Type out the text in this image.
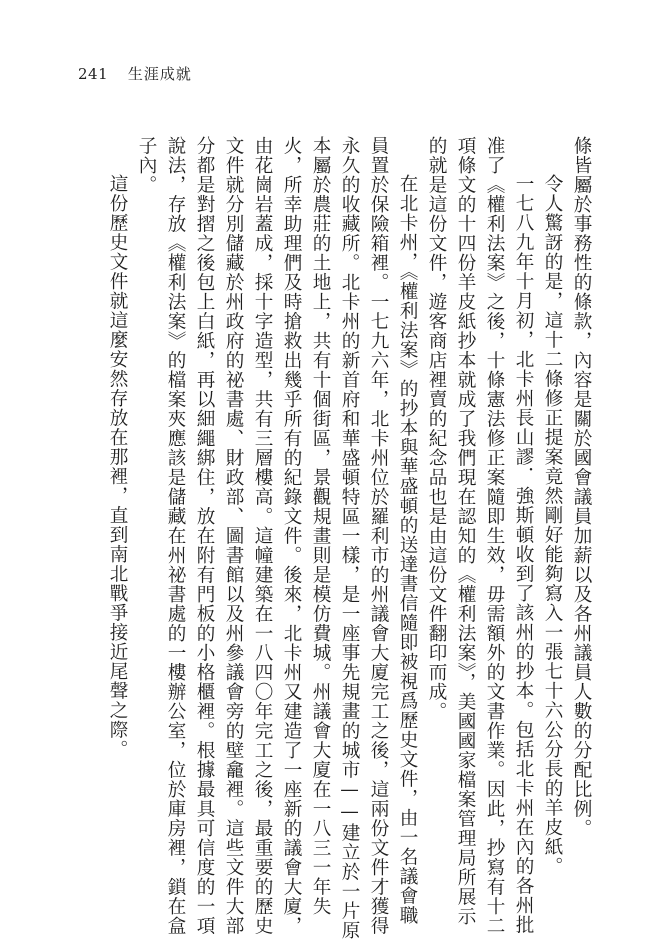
241 生涯成就
條皆屬於事務性的條款，內容是關於國會議員加薪以及各州議員人數的分配比例。
令人驚訝的是，這十二條修正提案竟然剛好能夠寫入一張七十六公分長的羊皮紙。
一七八九年十月初，北卡州長山謬．強斯頓收到了該州的抄本。包括北卡州在內的各州批
准了《權利法案》之後，十條憲法修正案隨即生效，毋需額外的文書作業。因此，抄寫有十二
項條文的十四份羊皮紙抄本就成了我們現在認知的《權利法案》，美國國家檔案管理局所展示
的就是這份文件，遊客商店裡賣的紀念品也是由這份文件翻印而成。
在北卡州，《權利法案》的抄本與華盛頓的送達書信隨即被視爲歷史文件，由一名議會職
員置於保險箱裡。一七九六年，北卡州位於羅利市的州議會大廈完工之後，這兩份文件才獲得
永久的收藏所。北卡州的新首府和華盛頓特區一樣，是一座事先規畫的城市——建立於一片原
本屬於農莊的土地上，共有十個街區，景觀規畫則是模仿費城。州議會大廈在一八三一年失
火，所幸助理們及時搶救出幾乎所有的紀錄文件。後來，北卡州又建造了一座新的議會大廈，
由花崗岩蓋成，採十字造型，共有三層樓高。這幢建築在一八四〇年完工之後，最重要的歷史
文件就分別儲藏於州政府的祕書處、財政部、圖書館以及州參議會旁的壁龕裡。這些文件大部
分都是對摺之後包上白紙，再以細繩綁住，放在附有門板的小格櫃裡。根據最具可信度的一項
說法，存放《權利法案》的檔案夾應該是儲藏在州祕書處的一樓辦公室，位於庫房裡，鎖在盒
子內。
這份歷史文件就這麼安然存放在那裡，直到南北戰爭接近尾聲之際。
